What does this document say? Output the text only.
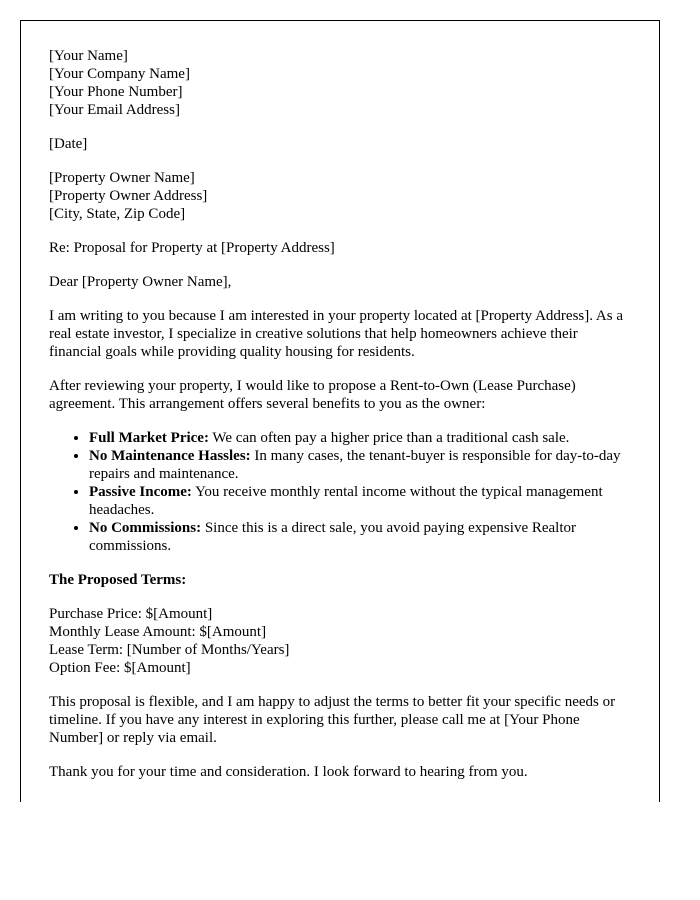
[Your Name]
[Your Company Name]
[Your Phone Number]
[Your Email Address]

[Date]

[Property Owner Name]
[Property Owner Address]
[City, State, Zip Code]

Re: Proposal for Property at [Property Address]

Dear [Property Owner Name],

I am writing to you because I am interested in your property located at [Property Address]. As a real estate investor, I specialize in creative solutions that help homeowners achieve their financial goals while providing quality housing for residents.

After reviewing your property, I would like to propose a Rent-to-Own (Lease Purchase) agreement. This arrangement offers several benefits to you as the owner:

• Full Market Price: We can often pay a higher price than a traditional cash sale.
• No Maintenance Hassles: In many cases, the tenant-buyer is responsible for day-to-day repairs and maintenance.
• Passive Income: You receive monthly rental income without the typical management headaches.
• No Commissions: Since this is a direct sale, you avoid paying expensive Realtor commissions.

The Proposed Terms:

Purchase Price: $[Amount]
Monthly Lease Amount: $[Amount]
Lease Term: [Number of Months/Years]
Option Fee: $[Amount]

This proposal is flexible, and I am happy to adjust the terms to better fit your specific needs or timeline. If you have any interest in exploring this further, please call me at [Your Phone Number] or reply via email.

Thank you for your time and consideration. I look forward to hearing from you.
